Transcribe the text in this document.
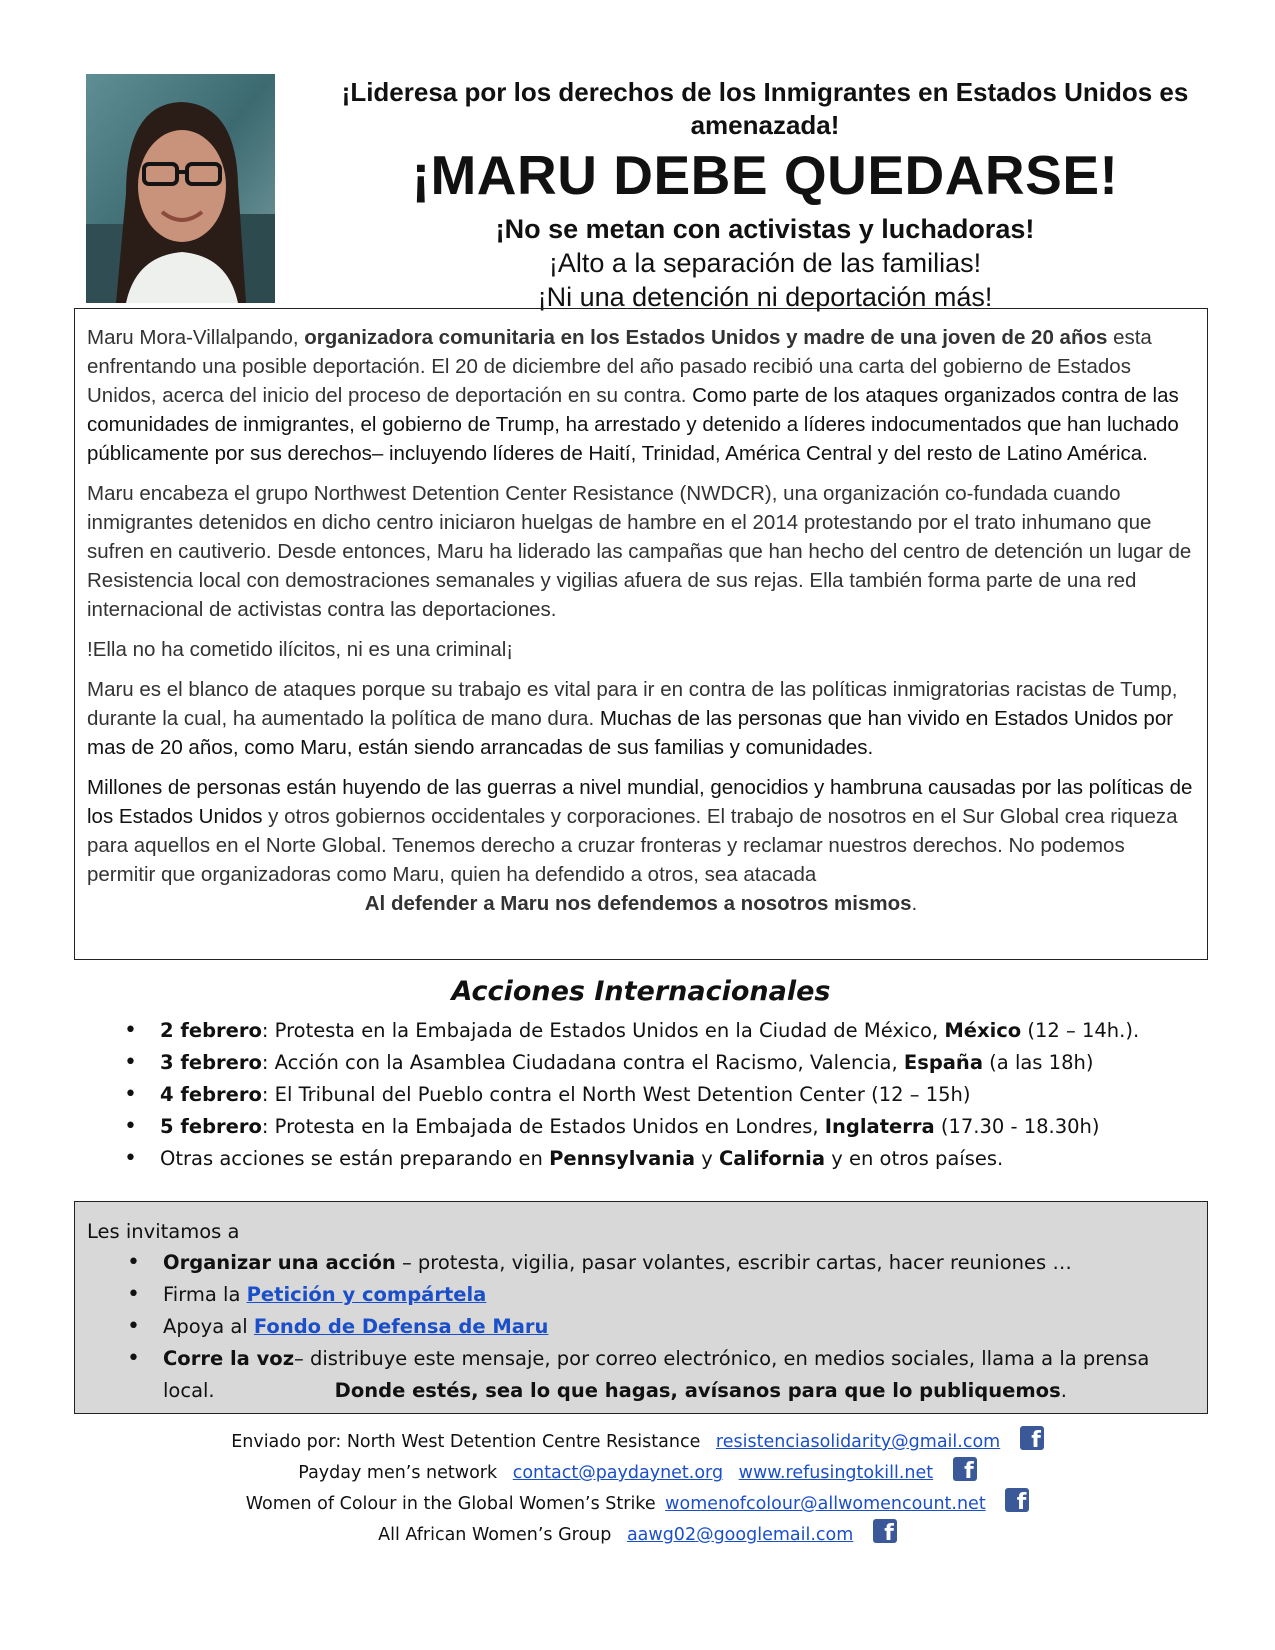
¡Lideresa por los derechos de los Inmigrantes en Estados Unidos es amenazada!
¡MARU DEBE QUEDARSE!
¡No se metan con activistas y luchadoras!
¡Alto a la separación de las familias!
¡Ni una detención ni deportación más!

Maru Mora-Villalpando, organizadora comunitaria en los Estados Unidos y madre de una joven de 20 años esta enfrentando una posible deportación. El 20 de diciembre del año pasado recibió una carta del gobierno de Estados Unidos, acerca del inicio del proceso de deportación en su contra. Como parte de los ataques organizados contra de las comunidades de inmigrantes, el gobierno de Trump, ha arrestado y detenido a líderes indocumentados que han luchado públicamente por sus derechos– incluyendo líderes de Haití, Trinidad, América Central y del resto de Latino América.

Maru encabeza el grupo Northwest Detention Center Resistance (NWDCR), una organización co-fundada cuando inmigrantes detenidos en dicho centro iniciaron huelgas de hambre en el 2014 protestando por el trato inhumano que sufren en cautiverio. Desde entonces, Maru ha liderado las campañas que han hecho del centro de detención un lugar de Resistencia local con demostraciones semanales y vigilias afuera de sus rejas. Ella también forma parte de una red internacional de activistas contra las deportaciones.

!Ella no ha cometido ilícitos, ni es una criminal¡

Maru es el blanco de ataques porque su trabajo es vital para ir en contra de las políticas inmigratorias racistas de Tump, durante la cual, ha aumentado la política de mano dura. Muchas de las personas que han vivido en Estados Unidos por mas de 20 años, como Maru, están siendo arrancadas de sus familias y comunidades.

Millones de personas están huyendo de las guerras a nivel mundial, genocidios y hambruna causadas por las políticas de los Estados Unidos y otros gobiernos occidentales y corporaciones. El trabajo de nosotros en el Sur Global crea riqueza para aquellos en el Norte Global. Tenemos derecho a cruzar fronteras y reclamar nuestros derechos. No podemos permitir que organizadoras como Maru, quien ha defendido a otros, sea atacada

Al defender a Maru nos defendemos a nosotros mismos.

Acciones Internacionales
• 2 febrero: Protesta en la Embajada de Estados Unidos en la Ciudad de México, México (12 – 14h.).
• 3 febrero: Acción con la Asamblea Ciudadana contra el Racismo, Valencia, España (a las 18h)
• 4 febrero: El Tribunal del Pueblo contra el North West Detention Center (12 – 15h)
• 5 febrero: Protesta en la Embajada de Estados Unidos en Londres, Inglaterra (17.30 - 18.30h)
• Otras acciones se están preparando en Pennsylvania y California y en otros países.
Les invitamos a
• Organizar una acción – protesta, vigilia, pasar volantes, escribir cartas, hacer reuniones …
• Firma la Petición y compártela
• Apoya al Fondo de Defensa de Maru
• Corre la voz– distribuye este mensaje, por correo electrónico, en medios sociales, llama a la prensa local.	Donde estés, sea lo que hagas, avísanos para que lo publiquemos.
Enviado por: North West Detention Centre Resistance resistenciasolidarity@gmail.com f
Payday men’s network contact@paydaynet.org www.refusingtokill.net f
Women of Colour in the Global Women’s Strike womenofcolour@allwomencount.net f
All African Women’s Group aawg02@googlemail.com f
